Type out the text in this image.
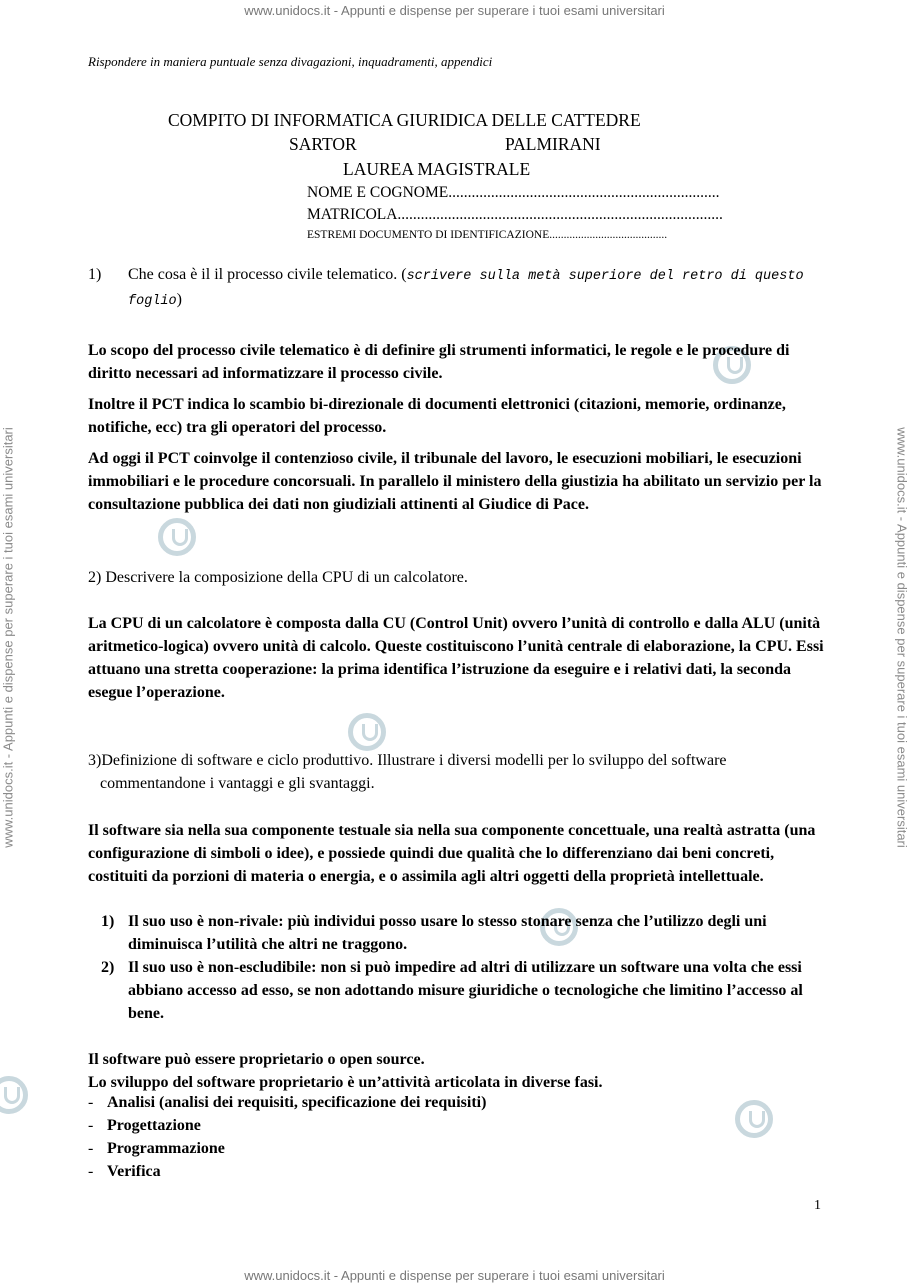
www.unidocs.it - Appunti e dispense per superare i tuoi esami universitari
www.unidocs.it - Appunti e dispense per superare i tuoi esami universitari
www.unidocs.it - Appunti e dispense per superare i tuoi esami universitari	www.unidocs.it - Appunti e dispense per superare i tuoi esami universitari
Rispondere in maniera puntuale senza divagazioni, inquadramenti, appendici
COMPITO DI INFORMATICA GIURIDICA DELLE CATTEDRE
SARTOR	PALMIRANI
LAUREA MAGISTRALE
NOME E COGNOME......................................................................
MATRICOLA....................................................................................
ESTREMI DOCUMENTO DI IDENTIFICAZIONE.........................................
1) Che cosa è il il processo civile telematico. (scrivere sulla metà superiore del retro di questo foglio)

Lo scopo del processo civile telematico è di definire gli strumenti informatici, le regole e le procedure di diritto necessari ad informatizzare il processo civile.

Inoltre il PCT indica lo scambio bi-direzionale di documenti elettronici (citazioni, memorie, ordinanze, notifiche, ecc) tra gli operatori del processo.

Ad oggi il PCT coinvolge il contenzioso civile, il tribunale del lavoro, le esecuzioni mobiliari, le esecuzioni immobiliari e le procedure concorsuali. In parallelo il ministero della giustizia ha abilitato un servizio per la consultazione pubblica dei dati non giudiziali attinenti al Giudice di Pace.

2) Descrivere la composizione della CPU di un calcolatore.

La CPU di un calcolatore è composta dalla CU (Control Unit) ovvero l’unità di controllo e dalla ALU (unità aritmetico-logica) ovvero unità di calcolo. Queste costituiscono l’unità centrale di elaborazione, la CPU. Essi attuano una stretta cooperazione: la prima identifica l’istruzione da eseguire e i relativi dati, la seconda esegue l’operazione.

3)Definizione di software e ciclo produttivo. Illustrare i diversi modelli per lo sviluppo del software
commentandone i vantaggi e gli svantaggi.

Il software sia nella sua componente testuale sia nella sua componente concettuale, una realtà astratta (una configurazione di simboli o idee), e possiede quindi due qualità che lo differenziano dai beni concreti, costituiti da porzioni di materia o energia, e o assimila agli altri oggetti della proprietà intellettuale.

1) Il suo uso è non-rivale: più individui posso usare lo stesso stonare senza che l’utilizzo degli uni diminuisca l’utilità che altri ne traggono.
2) Il suo uso è non-escludibile: non si può impedire ad altri di utilizzare un software una volta che essi abbiano accesso ad esso, se non adottando misure giuridiche o tecnologiche che limitino l’accesso al bene.
Il software può essere proprietario o open source.
Lo sviluppo del software proprietario è un’attività articolata in diverse fasi.
- Analisi (analisi dei requisiti, specificazione dei requisiti)
- Progettazione
- Programmazione
- Verifica
1
